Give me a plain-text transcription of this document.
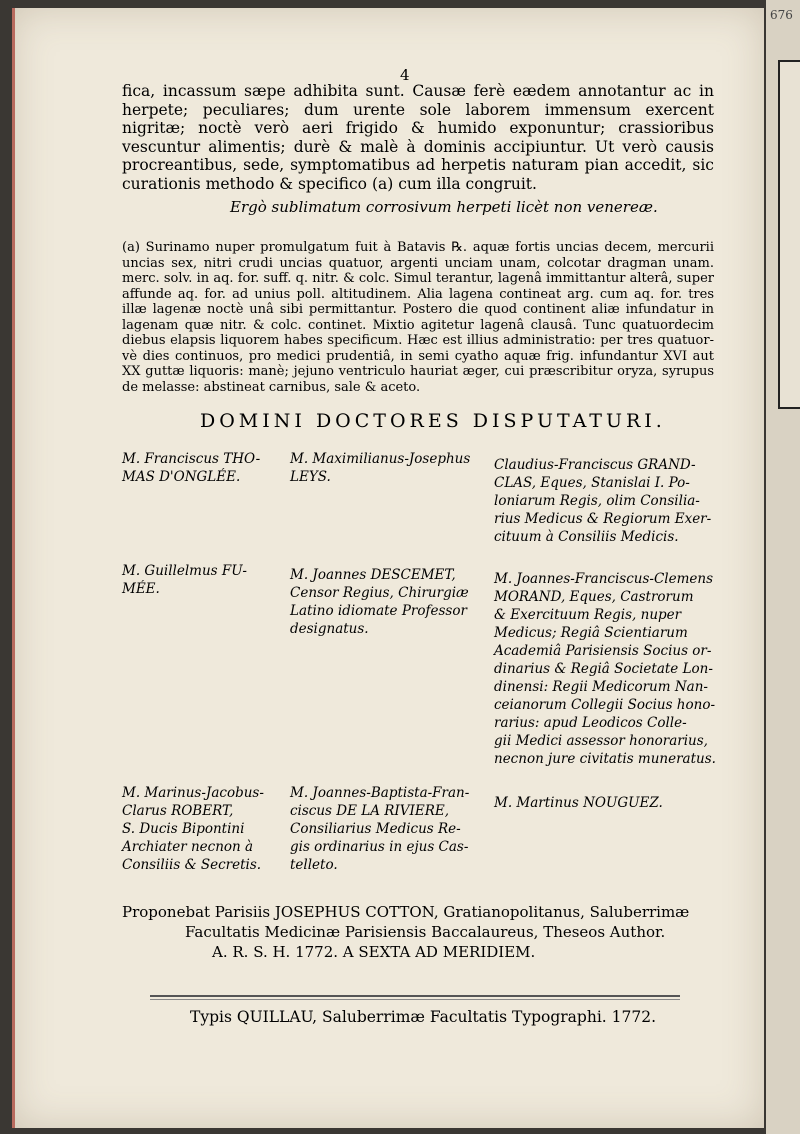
676
4
fica, incassum sæpe adhibita sunt. Causæ ferè eædem annotantur ac in herpete; peculiares; dum urente sole laborem immensum exercent nigritæ; noctè verò aeri frigido & humido exponuntur; crassioribus vescuntur alimentis; durè & malè à dominis accipiuntur. Ut verò causis procreantibus, sede, symptomatibus ad herpetis naturam pian accedit, sic curationis methodo & specifico (a) cum illa congruit.
Ergò sublimatum corrosivum herpeti licèt non venereæ.
(a) Surinamo nuper promulgatum fuit à Batavis ℞. aquæ fortis uncias decem, mercurii uncias sex, nitri crudi uncias quatuor, argenti unciam unam, colcotar dragman unam. merc. solv. in aq. for. suff. q. nitr. & colc. Simul terantur, lagenâ immittantur alterâ, super affunde aq. for. ad unius poll. altitudinem. Alia lagena contineat arg. cum aq. for. tres illæ lagenæ noctè unâ sibi permittantur. Postero die quod continent aliæ infundatur in lagenam quæ nitr. & colc. continet. Mixtio agitetur lagenâ clausâ. Tunc quatuordecim diebus elapsis liquorem habes specificum. Hæc est illius administratio: per tres quatuor-vè dies continuos, pro medici prudentiâ, in semi cyatho aquæ frig. infundantur XVI aut XX guttæ liquoris: manè; jejuno ventriculo hauriat æger, cui præscribitur oryza, syrupus de melasse: abstineat carnibus, sale & aceto.
DOMINI DOCTORES DISPUTATURI.
M. Franciscus THO-
MAS D'ONGLÉE.
M. Maximilianus-Josephus
LEYS.
Claudius-Franciscus GRAND-
CLAS, Eques, Stanislai I. Po-
loniarum Regis, olim Consilia-
rius Medicus & Regiorum Exer-
cituum à Consiliis Medicis.
M. Guillelmus FU-
MÉE.
M. Joannes DESCEMET,
Censor Regius, Chirurgiæ
Latino idiomate Professor
designatus.
M. Joannes-Franciscus-Clemens
MORAND, Eques, Castrorum
& Exercituum Regis, nuper
Medicus; Regiâ Scientiarum
Academiâ Parisiensis Socius or-
dinarius & Regiâ Societate Lon-
dinensi: Regii Medicorum Nan-
ceianorum Collegii Socius hono-
rarius: apud Leodicos Colle-
gii Medici assessor honorarius,
necnon jure civitatis muneratus.
M. Marinus-Jacobus-
Clarus ROBERT,
S. Ducis Bipontini
Archiater necnon à
Consiliis & Secretis.
M. Joannes-Baptista-Fran-
ciscus DE LA RIVIERE,
Consiliarius Medicus Re-
gis ordinarius in ejus Cas-
telleto.
M. Martinus NOUGUEZ.
Proponebat Parisiis JOSEPHUS COTTON, Gratianopolitanus, Saluberrimæ
Facultatis Medicinæ Parisiensis Baccalaureus, Theseos Author.
A. R. S. H. 1772. A SEXTA AD MERIDIEM.
Typis QUILLAU, Saluberrimæ Facultatis Typographi. 1772.
